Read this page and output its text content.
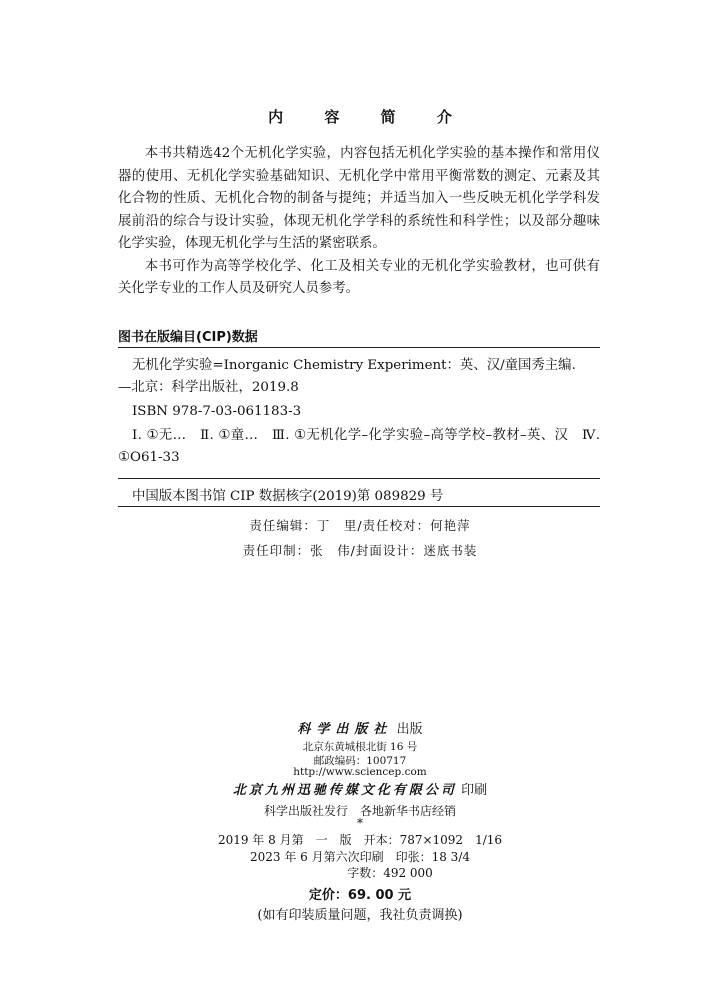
内 容 简 介

本书共精选42个无机化学实验，内容包括无机化学实验的基本操作和常用仪器的使用、无机化学实验基础知识、无机化学中常用平衡常数的测定、元素及其化合物的性质、无机化合物的制备与提纯；并适当加入一些反映无机化学学科发展前沿的综合与设计实验，体现无机化学学科的系统性和科学性；以及部分趣味化学实验，体现无机化学与生活的紧密联系。

本书可作为高等学校化学、化工及相关专业的无机化学实验教材，也可供有关化学专业的工作人员及研究人员参考。

图书在版编目(CIP)数据
无机化学实验=Inorganic Chemistry Experiment：英、汉/童国秀主编.
—北京：科学出版社，2019.8
ISBN 978-7-03-061183-3
Ⅰ. ①无…　Ⅱ. ①童…　Ⅲ. ①无机化学–化学实验–高等学校–教材–英、汉　Ⅳ. ①O61-33
中国版本图书馆 CIP 数据核字(2019)第 089829 号
责任编辑：丁　里/责任校对：何艳萍
责任印制：张　伟/封面设计：迷底书装
科学出版社 出版
北京东黄城根北街 16 号
邮政编码：100717
http://www.sciencep.com
北京九州迅驰传媒文化有限公司 印刷
科学出版社发行　各地新华书店经销
*
2019 年 8 月第　一　版　开本：787×1092　1/16
2023 年 6 月第六次印刷　印张：18 3/4
字数：492 000
定价：69. 00 元
(如有印装质量问题，我社负责调换)
